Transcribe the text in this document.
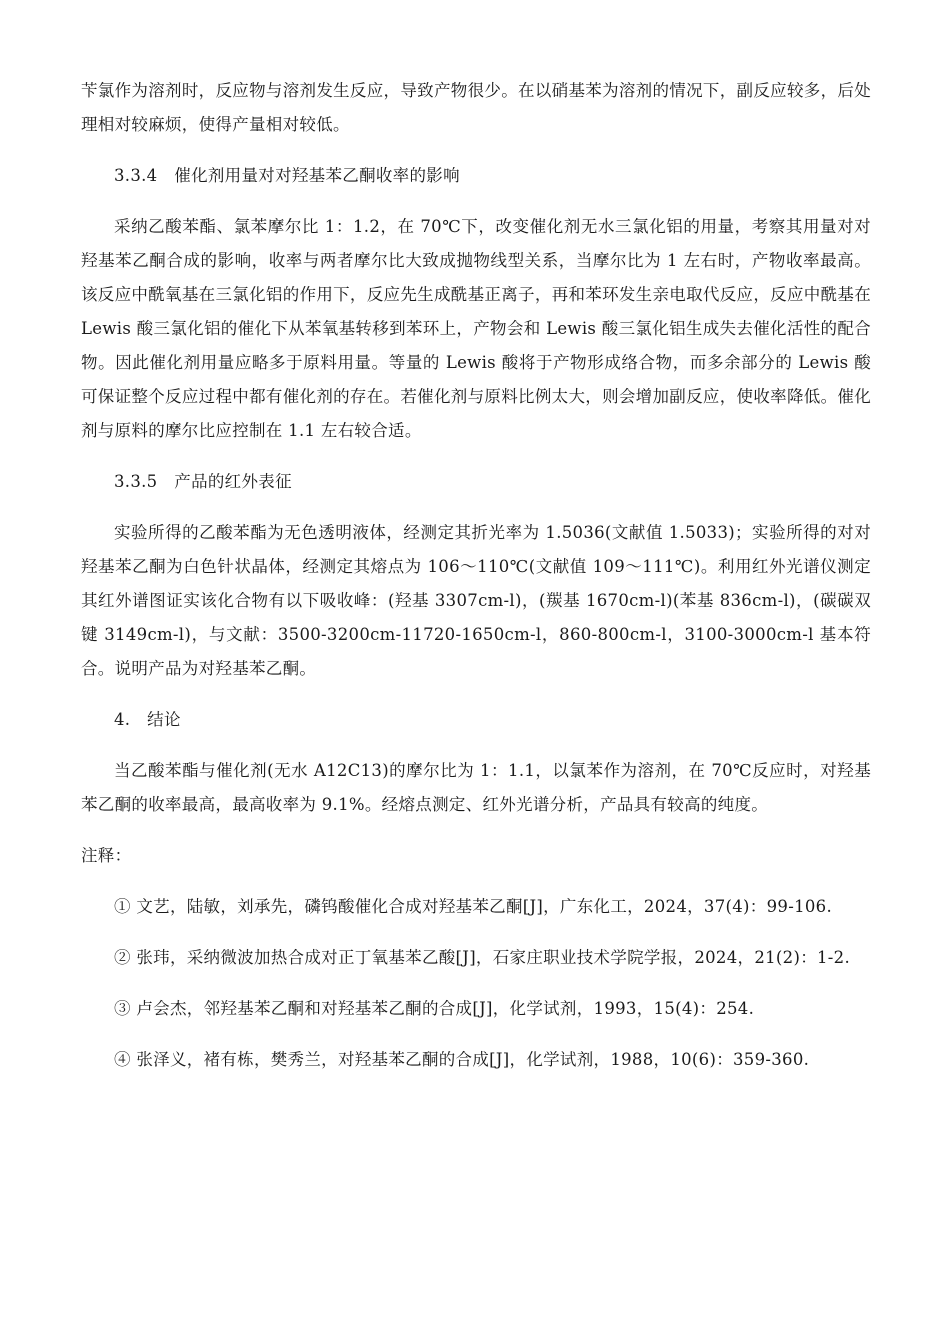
苄氯作为溶剂时，反应物与溶剂发生反应，导致产物很少。在以硝基苯为溶剂的情况下，副反应较多，后处理相对较麻烦，使得产量相对较低。

3.3.4　催化剂用量对对羟基苯乙酮收率的影响

采纳乙酸苯酯、氯苯摩尔比 1：1.2，在 70℃下，改变催化剂无水三氯化铝的用量，考察其用量对对羟基苯乙酮合成的影响，收率与两者摩尔比大致成抛物线型关系，当摩尔比为 1 左右时，产物收率最高。该反应中酰氧基在三氯化铝的作用下，反应先生成酰基正离子，再和苯环发生亲电取代反应，反应中酰基在 Lewis 酸三氯化铝的催化下从苯氧基转移到苯环上，产物会和 Lewis 酸三氯化铝生成失去催化活性的配合物。因此催化剂用量应略多于原料用量。等量的 Lewis 酸将于产物形成络合物，而多余部分的 Lewis 酸可保证整个反应过程中都有催化剂的存在。若催化剂与原料比例太大，则会增加副反应，使收率降低。催化剂与原料的摩尔比应控制在 1.1 左右较合适。

3.3.5　产品的红外表征

实验所得的乙酸苯酯为无色透明液体，经测定其折光率为 1.5036(文献值 1.5033)；实验所得的对对羟基苯乙酮为白色针状晶体，经测定其熔点为 106～110℃(文献值 109～111℃)。利用红外光谱仪测定其红外谱图证实该化合物有以下吸收峰：(羟基 3307cm-l)，(羰基 1670cm-l)(苯基 836cm-l)，(碳碳双键 3149cm-l)，与文献：3500-3200cm-11720-1650cm-l，860-800cm-l，3100-3000cm-l 基本符合。说明产品为对羟基苯乙酮。

4.　结论

当乙酸苯酯与催化剂(无水 A12C13)的摩尔比为 1：1.1，以氯苯作为溶剂，在 70℃反应时，对羟基苯乙酮的收率最高，最高收率为 9.1%。经熔点测定、红外光谱分析，产品具有较高的纯度。

注释：

① 文艺，陆敏，刘承先，磷钨酸催化合成对羟基苯乙酮[J]，广东化工，2024，37(4)：99-106.

② 张玮，采纳微波加热合成对正丁氧基苯乙酸[J]，石家庄职业技术学院学报，2024，21(2)：1-2.

③ 卢会杰，邻羟基苯乙酮和对羟基苯乙酮的合成[J]，化学试剂，1993，15(4)：254.

④ 张泽义，褚有栋，樊秀兰，对羟基苯乙酮的合成[J]，化学试剂，1988，10(6)：359-360.
